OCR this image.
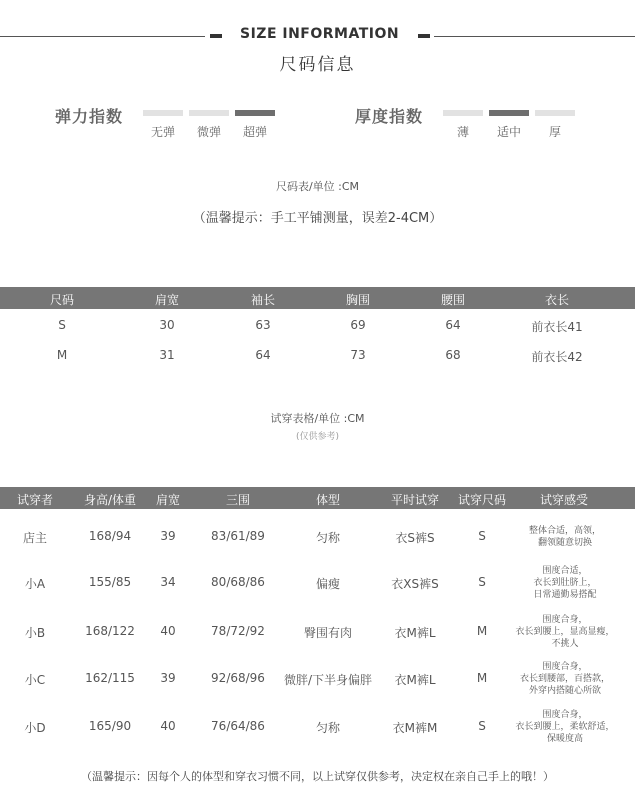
SIZE INFORMATION
尺码信息
弹力指数
无弹	微弹	超弹
厚度指数
薄	适中	厚
尺码表/单位 :CM
（温馨提示：手工平铺测量，误差2-4CM）
尺码	肩宽	袖长	胸围	腰围	衣长
S	30	63	69	64	前衣长41
M	31	64	73	68	前衣长42
试穿表格/单位 :CM
(仅供参考)
试穿者	身高/体重	肩宽	三围	体型	平时试穿	试穿尺码	试穿感受
店主	168/94	39	83/61/89	匀称	衣S裤S	S	整体合适，高领，
翻领随意切换
小A	155/85	34	80/68/86	偏瘦	衣XS裤S	S
围度合适，
衣长到肚脐上，
日常通勤易搭配
小B	168/122	40	78/72/92	臀围有肉	衣M裤L	M
围度合身，
衣长到腰上，显高显瘦，
不挑人
小C	162/115	39	92/68/96	微胖/下半身偏胖	衣M裤L	M
围度合身，
衣长到腰部，百搭款，
外穿内搭随心所欲
小D	165/90	40	76/64/86	匀称	衣M裤M	S
围度合身，
衣长到腰上，柔软舒适，
保暖度高
（温馨提示：因每个人的体型和穿衣习惯不同，以上试穿仅供参考，决定权在亲自己手上的哦！）
